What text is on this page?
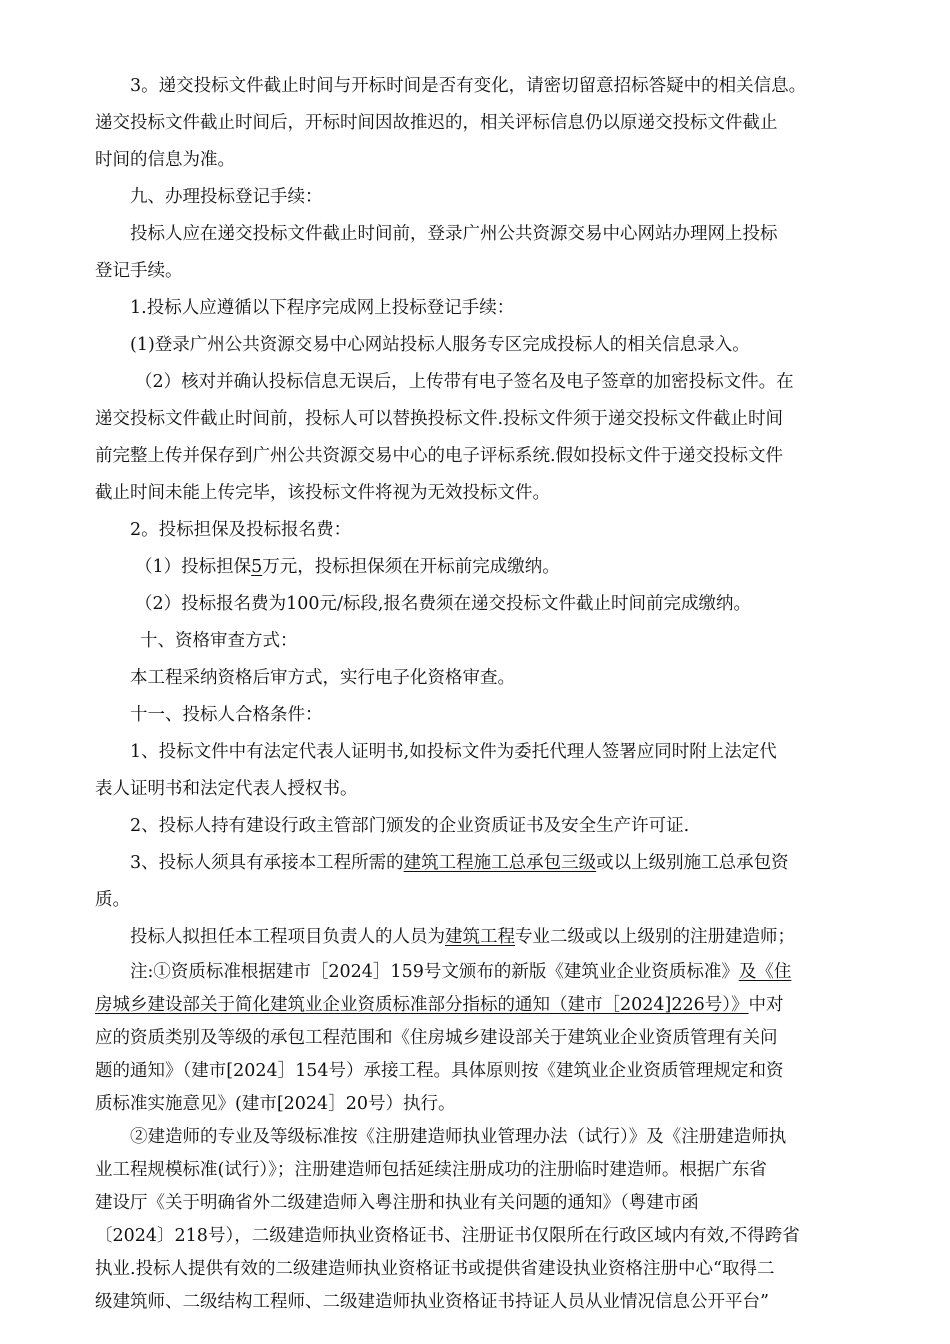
3。递交投标文件截止时间与开标时间是否有变化，请密切留意招标答疑中的相关信息。
递交投标文件截止时间后，开标时间因故推迟的，相关评标信息仍以原递交投标文件截止
时间的信息为准。
九、办理投标登记手续：
投标人应在递交投标文件截止时间前，登录广州公共资源交易中心网站办理网上投标
登记手续。
1.投标人应遵循以下程序完成网上投标登记手续：
(1)登录广州公共资源交易中心网站投标人服务专区完成投标人的相关信息录入。
（2）核对并确认投标信息无误后，上传带有电子签名及电子签章的加密投标文件。在
递交投标文件截止时间前，投标人可以替换投标文件.投标文件须于递交投标文件截止时间
前完整上传并保存到广州公共资源交易中心的电子评标系统.假如投标文件于递交投标文件
截止时间未能上传完毕，该投标文件将视为无效投标文件。
2。投标担保及投标报名费：
（1）投标担保5万元，投标担保须在开标前完成缴纳。
（2）投标报名费为100元/标段,报名费须在递交投标文件截止时间前完成缴纳。
十、资格审查方式：
本工程采纳资格后审方式，实行电子化资格审查。
十一、投标人合格条件：
1、投标文件中有法定代表人证明书,如投标文件为委托代理人签署应同时附上法定代
表人证明书和法定代表人授权书。
2、投标人持有建设行政主管部门颁发的企业资质证书及安全生产许可证.
3、投标人须具有承接本工程所需的建筑工程施工总承包三级或以上级别施工总承包资
质。
投标人拟担任本工程项目负责人的人员为建筑工程专业二级或以上级别的注册建造师；
注:①资质标准根据建市［2024］159号文颁布的新版《建筑业企业资质标准》及《住
房城乡建设部关于简化建筑业企业资质标准部分指标的通知（建市［2024]226号）》中对
应的资质类别及等级的承包工程范围和《住房城乡建设部关于建筑业企业资质管理有关问
题的通知》（建市[2024］154号）承接工程。具体原则按《建筑业企业资质管理规定和资
质标准实施意见》(建市[2024］20号）执行。
②建造师的专业及等级标准按《注册建造师执业管理办法（试行）》及《注册建造师执
业工程规模标准(试行）》；注册建造师包括延续注册成功的注册临时建造师。根据广东省
建设厅《关于明确省外二级建造师入粤注册和执业有关问题的通知》（粤建市函
〔2024〕218号），二级建造师执业资格证书、注册证书仅限所在行政区域内有效,不得跨省
执业.投标人提供有效的二级建造师执业资格证书或提供省建设执业资格注册中心“取得二
级建筑师、二级结构工程师、二级建造师执业资格证书持证人员从业情况信息公开平台”
